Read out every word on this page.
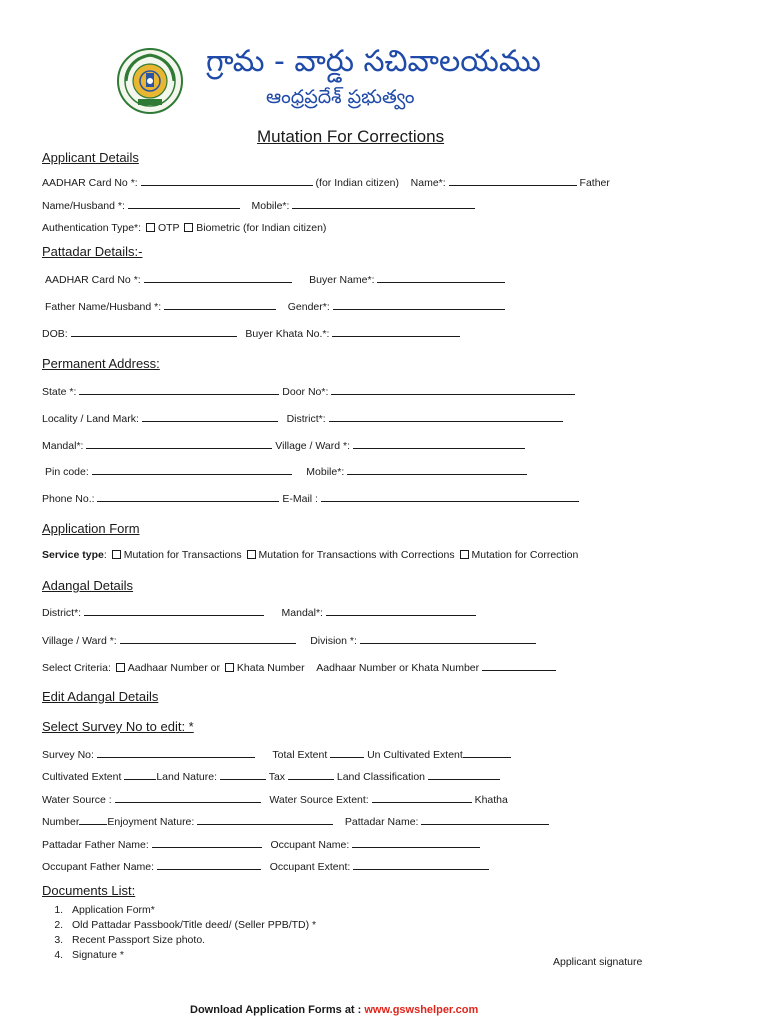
గ్రామ - వార్డు సచివాలయము
ఆంధ్రప్రదేశ్ ప్రభుత్వం
Mutation For Corrections
Applicant Details
AADHAR Card No *:	(for Indian citizen) Name*:	Father
Name/Husband *:	Mobile*:
Authentication Type*: OTP Biometric (for Indian citizen)
Pattadar Details:-
AADHAR Card No *:	Buyer Name*:
Father Name/Husband *:	Gender*:
DOB:	Buyer Khata No.*:
Permanent Address:
State *:	Door No*:
Locality / Land Mark:	District*:
Mandal*:	Village / Ward *:
Pin code:	Mobile*:
Phone No.:	E-Mail :
Application Form
Service type: Mutation for Transactions Mutation for Transactions with Corrections Mutation for Correction
Adangal Details
District*:	Mandal*:
Village / Ward *:	Division *:
Select Criteria: Aadhaar Number or Khata Number Aadhaar Number or Khata Number
Edit Adangal Details
Select Survey No to edit: *
Survey No:	Total Extent	Un Cultivated Extent
Cultivated Extent	Land Nature:	Tax	Land Classification
Water Source :	Water Source Extent:	Khatha
Number	Enjoyment Nature:	Pattadar Name:
Pattadar Father Name:	Occupant Name:
Occupant Father Name:	Occupant Extent:
Documents List:
1. Application Form*
2. Old Pattadar Passbook/Title deed/ (Seller PPB/TD) *
3. Recent Passport Size photo.
4. Signature *
Applicant signature
Download Application Forms at : www.gswshelper.com
